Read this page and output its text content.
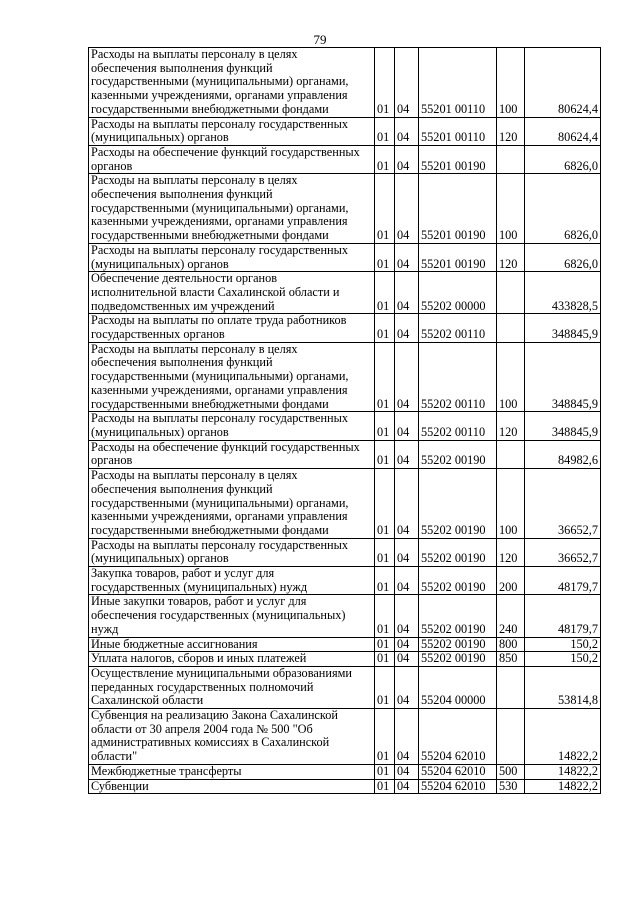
79
Расходы на выплаты персоналу в целях
обеспечения выполнения функций
государственными (муниципальными) органами,
казенными учреждениями, органами управления
государственными внебюджетными фондами	01	04	55201 00110	100	80624,4
Расходы на выплаты персоналу государственных
(муниципальных) органов	01	04	55201 00110	120	80624,4
Расходы на обеспечение функций государственных
органов	01	04	55201 00190		6826,0
Расходы на выплаты персоналу в целях
обеспечения выполнения функций
государственными (муниципальными) органами,
казенными учреждениями, органами управления
государственными внебюджетными фондами	01	04	55201 00190	100	6826,0
Расходы на выплаты персоналу государственных
(муниципальных) органов	01	04	55201 00190	120	6826,0
Обеспечение деятельности органов
исполнительной власти Сахалинской области и
подведомственных им учреждений	01	04	55202 00000		433828,5
Расходы на выплаты по оплате труда работников
государственных органов	01	04	55202 00110		348845,9
Расходы на выплаты персоналу в целях
обеспечения выполнения функций
государственными (муниципальными) органами,
казенными учреждениями, органами управления
государственными внебюджетными фондами	01	04	55202 00110	100	348845,9
Расходы на выплаты персоналу государственных
(муниципальных) органов	01	04	55202 00110	120	348845,9
Расходы на обеспечение функций государственных
органов	01	04	55202 00190		84982,6
Расходы на выплаты персоналу в целях
обеспечения выполнения функций
государственными (муниципальными) органами,
казенными учреждениями, органами управления
государственными внебюджетными фондами	01	04	55202 00190	100	36652,7
Расходы на выплаты персоналу государственных
(муниципальных) органов	01	04	55202 00190	120	36652,7
Закупка товаров, работ и услуг для
государственных (муниципальных) нужд	01	04	55202 00190	200	48179,7
Иные закупки товаров, работ и услуг для
обеспечения государственных (муниципальных)
нужд	01	04	55202 00190	240	48179,7
Иные бюджетные ассигнования	01	04	55202 00190	800	150,2
Уплата налогов, сборов и иных платежей	01	04	55202 00190	850	150,2
Осуществление муниципальными образованиями
переданных государственных полномочий
Сахалинской области	01	04	55204 00000		53814,8
Субвенция на реализацию Закона Сахалинской
области от 30 апреля 2004 года № 500 "Об
административных комиссиях в Сахалинской
области"	01	04	55204 62010		14822,2
Межбюджетные трансферты	01	04	55204 62010	500	14822,2
Субвенции	01	04	55204 62010	530	14822,2
